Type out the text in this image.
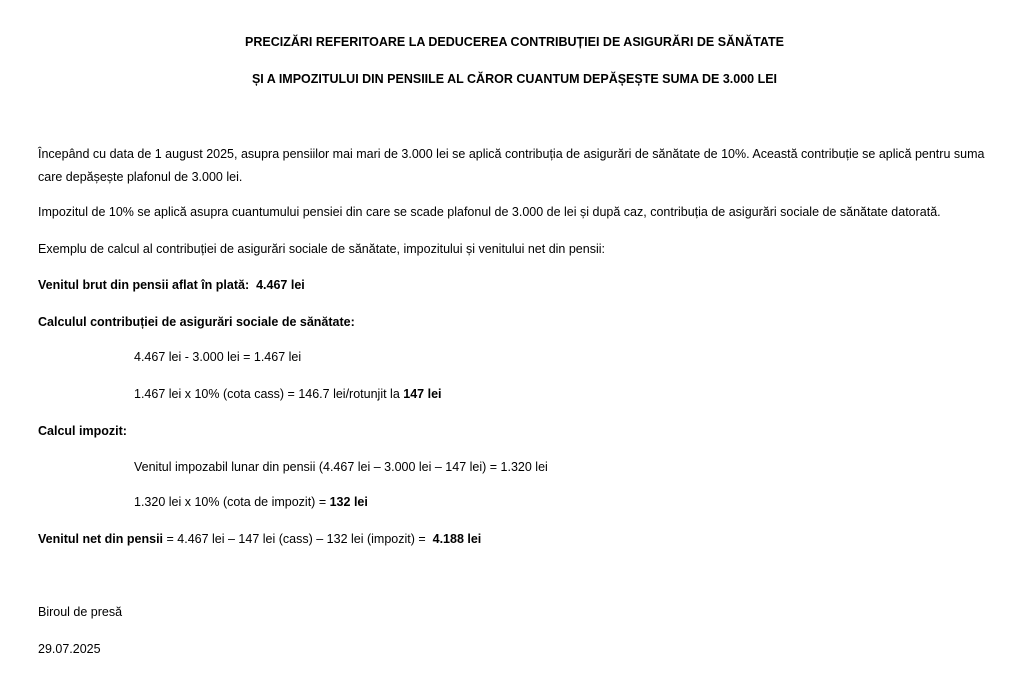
PRECIZĂRI REFERITOARE LA DEDUCEREA CONTRIBUȚIEI DE ASIGURĂRI DE SĂNĂTATE
ȘI A IMPOZITULUI DIN PENSIILE AL CĂROR CUANTUM DEPĂȘEȘTE SUMA DE 3.000 LEI
Începând cu data de 1 august 2025, asupra pensiilor mai mari de 3.000 lei se aplică contribuția de asigurări de sănătate de 10%. Această contribuție se aplică pentru suma care depășește plafonul de 3.000 lei.
Impozitul de 10% se aplică asupra cuantumului pensiei din care se scade plafonul de 3.000 de lei și după caz, contribuția de asigurări sociale de sănătate datorată.
Exemplu de calcul al contribuției de asigurări sociale de sănătate, impozitului și venitului net din pensii:
Venitul brut din pensii aflat în plată: 4.467 lei
Calculul contribuției de asigurări sociale de sănătate:
4.467 lei - 3.000 lei = 1.467 lei
1.467 lei x 10% (cota cass) = 146.7 lei/rotunjit la 147 lei
Calcul impozit:
Venitul impozabil lunar din pensii (4.467 lei – 3.000 lei – 147 lei) = 1.320 lei
1.320 lei x 10% (cota de impozit) = 132 lei
Venitul net din pensii = 4.467 lei – 147 lei (cass) – 132 lei (impozit) = 4.188 lei
Biroul de presă
29.07.2025
